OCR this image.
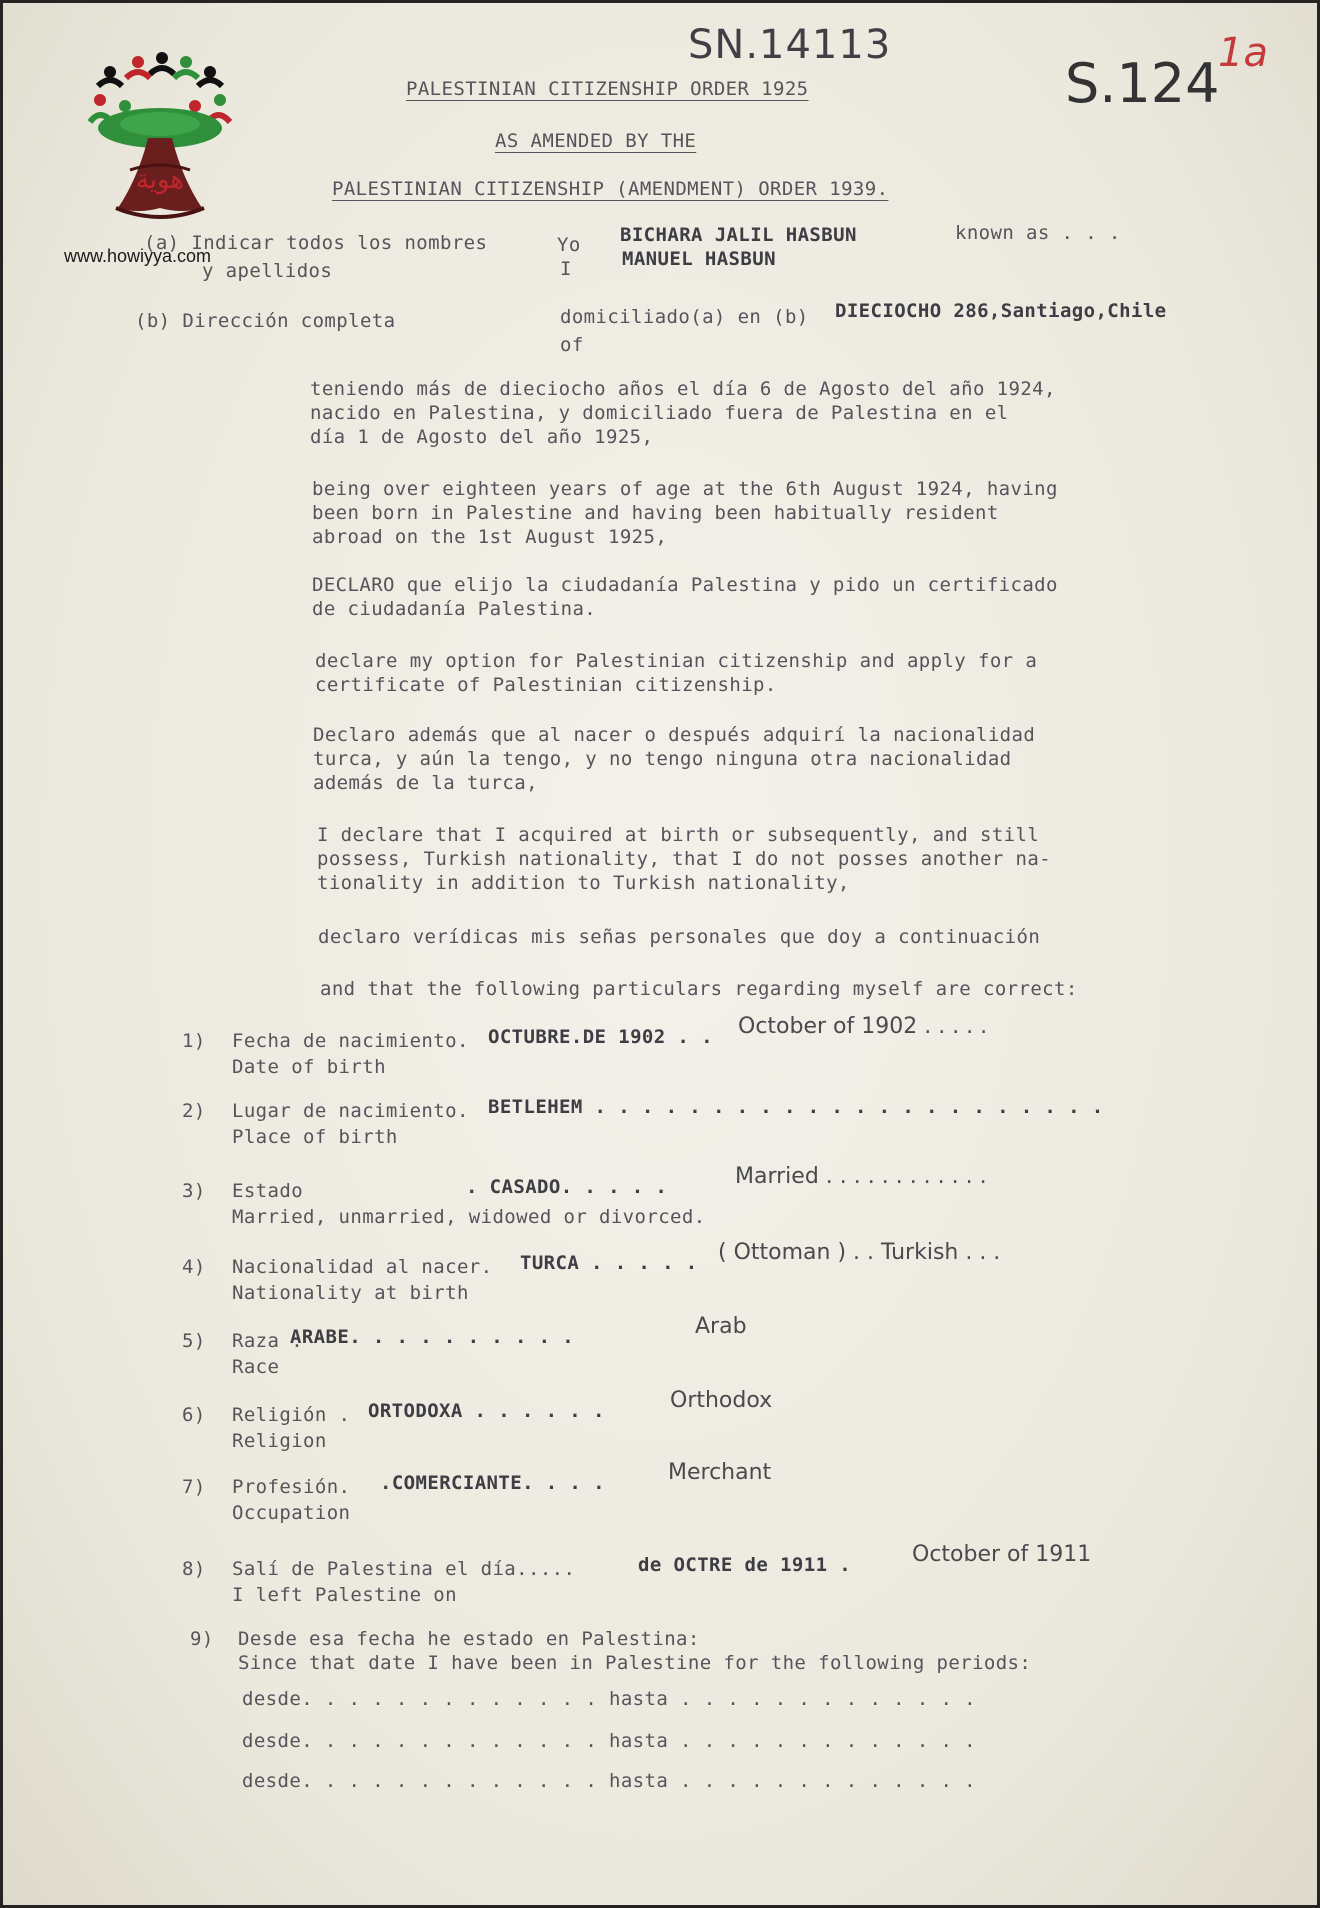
هوية
www.howiyya.com
SN.14113
S.124
1a
PALESTINIAN CITIZENSHIP ORDER 1925
AS AMENDED BY THE
PALESTINIAN CITIZENSHIP (AMENDMENT) ORDER 1939.
(a) Indicar todos los nombres
y apellidos
Yo
I
BICHARA JALIL HASBUN	known as . . .
MANUEL HASBUN
(b) Dirección completa	domiciliado(a) en (b) DIECIOCHO 286,Santiago,Chile
of
teniendo más de dieciocho años el día 6 de Agosto del año 1924,
nacido en Palestina, y domiciliado fuera de Palestina en el
día 1 de Agosto del año 1925,
being over eighteen years of age at the 6th August 1924, having
been born in Palestine and having been habitually resident
abroad on the 1st August 1925,
DECLARO que elijo la ciudadanía Palestina y pido un certificado
de ciudadanía Palestina.
declare my option for Palestinian citizenship and apply for a
certificate of Palestinian citizenship.
Declaro además que al nacer o después adquirí la nacionalidad
turca, y aún la tengo, y no tengo ninguna otra nacionalidad
además de la turca,
I declare that I acquired at birth or subsequently, and still
possess, Turkish nationality, that I do not posses another na-
tionality in addition to Turkish nationality,
declaro verídicas mis señas personales que doy a continuación
and that the following particulars regarding myself are correct:
1) Fecha de nacimiento.
Date of birth
OCTUBRE.DE 1902 . . October of 1902 . . . . .
2) Lugar de nacimiento.
Place of birth
BETLEHEM . . . . . . . . . . . . . . . . . . . . . .
3) Estado
Married, unmarried, widowed or divorced.
. CASADO. . . . .	Married . . . . . . . . . . . .
4) Nacionalidad al nacer.
Nationality at birth
TURCA . . . . . ( Ottoman ) . . Turkish . . .
5) Raza .
Race
ARABE. . . . . . . . . .	Arab
6) Religión .
Religion
ORTODOXA . . . . . .	Orthodox
7) Profesión.
Occupation
.COMERCIANTE. . . .	Merchant
8) Salí de Palestina el día.....
I left Palestine on
de OCTRE de 1911 .	October of 1911
9) Desde esa fecha he estado en Palestina:
Since that date I have been in Palestine for the following periods:
desde. . . . . . . . . . . . . hasta . . . . . . . . . . . . .
desde. . . . . . . . . . . . . hasta . . . . . . . . . . . . .
desde. . . . . . . . . . . . . hasta . . . . . . . . . . . . .
